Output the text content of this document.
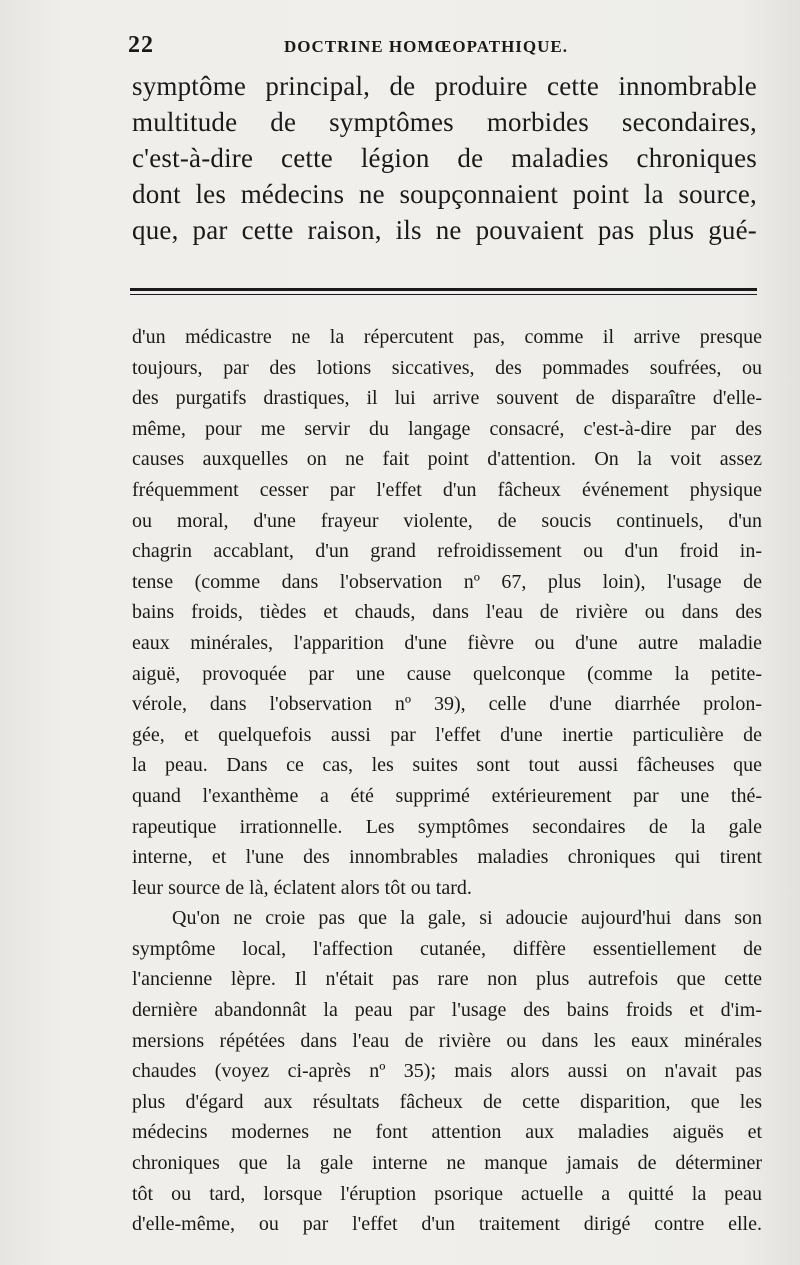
22	DOCTRINE HOMŒOPATHIQUE.
symptôme principal, de produire cette innombrable
multitude de symptômes morbides secondaires,
c'est-à-dire cette légion de maladies chroniques
dont les médecins ne soupçonnaient point la source,
que, par cette raison, ils ne pouvaient pas plus gué-
d'un médicastre ne la répercutent pas, comme il arrive presque
toujours, par des lotions siccatives, des pommades soufrées, ou
des purgatifs drastiques, il lui arrive souvent de disparaître d'elle-
même, pour me servir du langage consacré, c'est-à-dire par des
causes auxquelles on ne fait point d'attention. On la voit assez
fréquemment cesser par l'effet d'un fâcheux événement physique
ou moral, d'une frayeur violente, de soucis continuels, d'un
chagrin accablant, d'un grand refroidissement ou d'un froid in-
tense (comme dans l'observation nº 67, plus loin), l'usage de
bains froids, tièdes et chauds, dans l'eau de rivière ou dans des
eaux minérales, l'apparition d'une fièvre ou d'une autre maladie
aiguë, provoquée par une cause quelconque (comme la petite-
vérole, dans l'observation nº 39), celle d'une diarrhée prolon-
gée, et quelquefois aussi par l'effet d'une inertie particulière de
la peau. Dans ce cas, les suites sont tout aussi fâcheuses que
quand l'exanthème a été supprimé extérieurement par une thé-
rapeutique irrationnelle. Les symptômes secondaires de la gale
interne, et l'une des innombrables maladies chroniques qui tirent
leur source de là, éclatent alors tôt ou tard.
Qu'on ne croie pas que la gale, si adoucie aujourd'hui dans son
symptôme local, l'affection cutanée, diffère essentiellement de
l'ancienne lèpre. Il n'était pas rare non plus autrefois que cette
dernière abandonnât la peau par l'usage des bains froids et d'im-
mersions répétées dans l'eau de rivière ou dans les eaux minérales
chaudes (voyez ci-après nº 35); mais alors aussi on n'avait pas
plus d'égard aux résultats fâcheux de cette disparition, que les
médecins modernes ne font attention aux maladies aiguës et
chroniques que la gale interne ne manque jamais de déterminer
tôt ou tard, lorsque l'éruption psorique actuelle a quitté la peau
d'elle-même, ou par l'effet d'un traitement dirigé contre elle.
